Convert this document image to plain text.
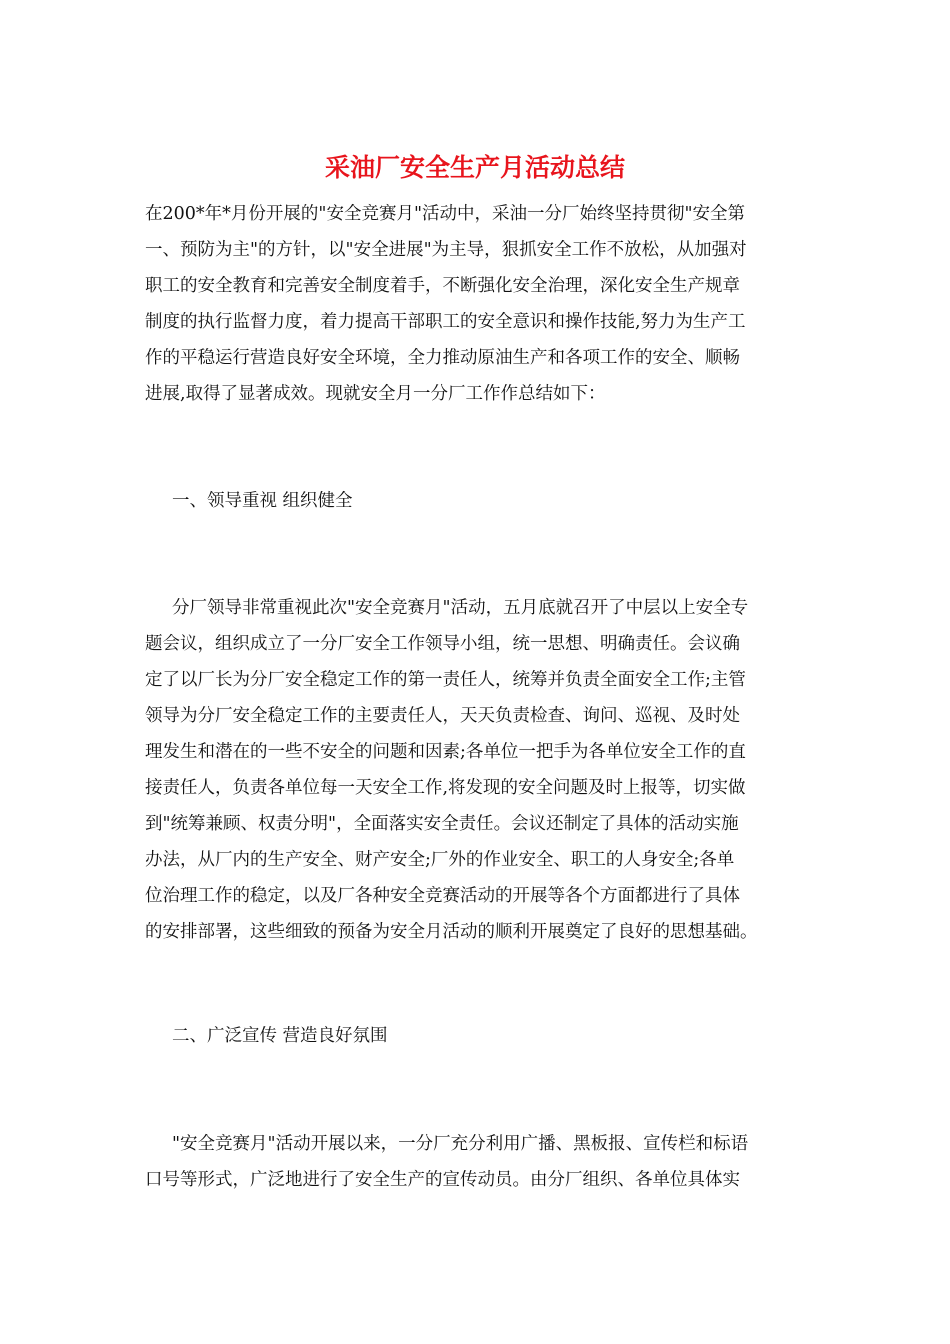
采油厂安全生产月活动总结
在200*年*月份开展的"安全竞赛月"活动中，采油一分厂始终坚持贯彻"安全第
一、预防为主"的方针，以"安全进展"为主导，狠抓安全工作不放松，从加强对
职工的安全教育和完善安全制度着手，不断强化安全治理，深化安全生产规章
制度的执行监督力度，着力提高干部职工的安全意识和操作技能,努力为生产工
作的平稳运行营造良好安全环境，全力推动原油生产和各项工作的安全、顺畅
进展,取得了显著成效。现就安全月一分厂工作作总结如下：
一、领导重视 组织健全
分厂领导非常重视此次"安全竞赛月"活动，五月底就召开了中层以上安全专
题会议，组织成立了一分厂安全工作领导小组，统一思想、明确责任。会议确
定了以厂长为分厂安全稳定工作的第一责任人，统筹并负责全面安全工作;主管
领导为分厂安全稳定工作的主要责任人，天天负责检查、询问、巡视、及时处
理发生和潜在的一些不安全的问题和因素;各单位一把手为各单位安全工作的直
接责任人，负责各单位每一天安全工作,将发现的安全问题及时上报等，切实做
到"统筹兼顾、权责分明"，全面落实安全责任。会议还制定了具体的活动实施
办法，从厂内的生产安全、财产安全;厂外的作业安全、职工的人身安全;各单
位治理工作的稳定，以及厂各种安全竞赛活动的开展等各个方面都进行了具体
的安排部署，这些细致的预备为安全月活动的顺利开展奠定了良好的思想基础。
二、广泛宣传 营造良好氛围
"安全竞赛月"活动开展以来，一分厂充分利用广播、黑板报、宣传栏和标语
口号等形式，广泛地进行了安全生产的宣传动员。由分厂组织、各单位具体实
